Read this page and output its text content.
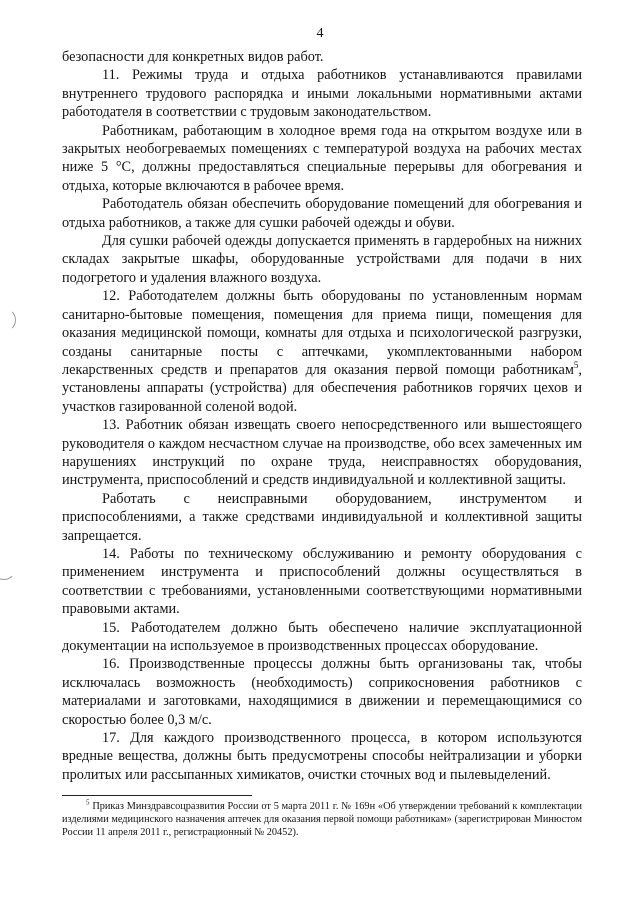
4

безопасности для конкретных видов работ.

11. Режимы труда и отдыха работников устанавливаются правилами внутреннего трудового распорядка и иными локальными нормативными актами работодателя в соответствии с трудовым законодательством.

Работникам, работающим в холодное время года на открытом воздухе или в закрытых необогреваемых помещениях с температурой воздуха на рабочих местах ниже 5 °С, должны предоставляться специальные перерывы для обогревания и отдыха, которые включаются в рабочее время.

Работодатель обязан обеспечить оборудование помещений для обогревания и отдыха работников, а также для сушки рабочей одежды и обуви.

Для сушки рабочей одежды допускается применять в гардеробных на нижних складах закрытые шкафы, оборудованные устройствами для подачи в них подогретого и удаления влажного воздуха.

12. Работодателем должны быть оборудованы по установленным нормам санитарно-бытовые помещения, помещения для приема пищи, помещения для оказания медицинской помощи, комнаты для отдыха и психологической разгрузки, созданы санитарные посты с аптечками, укомплектованными набором лекарственных средств и препаратов для оказания первой помощи работникам$^5$, установлены аппараты (устройства) для обеспечения работников горячих цехов и участков газированной соленой водой.

13. Работник обязан извещать своего непосредственного или вышестоящего руководителя о каждом несчастном случае на производстве, обо всех замеченных им нарушениях инструкций по охране труда, неисправностях оборудования, инструмента, приспособлений и средств индивидуальной и коллективной защиты.

Работать с неисправными оборудованием, инструментом и приспособлениями, а также средствами индивидуальной и коллективной защиты запрещается.

14. Работы по техническому обслуживанию и ремонту оборудования с применением инструмента и приспособлений должны осуществляться в соответствии с требованиями, установленными соответствующими нормативными правовыми актами.

15. Работодателем должно быть обеспечено наличие эксплуатационной документации на используемое в производственных процессах оборудование.

16. Производственные процессы должны быть организованы так, чтобы исключалась возможность (необходимость) соприкосновения работников с материалами и заготовками, находящимися в движении и перемещающимися со скоростью более 0,3 м/с.

17. Для каждого производственного процесса, в котором используются вредные вещества, должны быть предусмотрены способы нейтрализации и уборки пролитых или рассыпанных химикатов, очистки сточных вод и пылевыделений.

$^5$ Приказ Минздравсоцразвития России от 5 марта 2011 г. № 169н «Об утверждении требований к комплектации изделиями медицинского назначения аптечек для оказания первой помощи работникам» (зарегистрирован Минюстом России 11 апреля 2011 г., регистрационный № 20452).
